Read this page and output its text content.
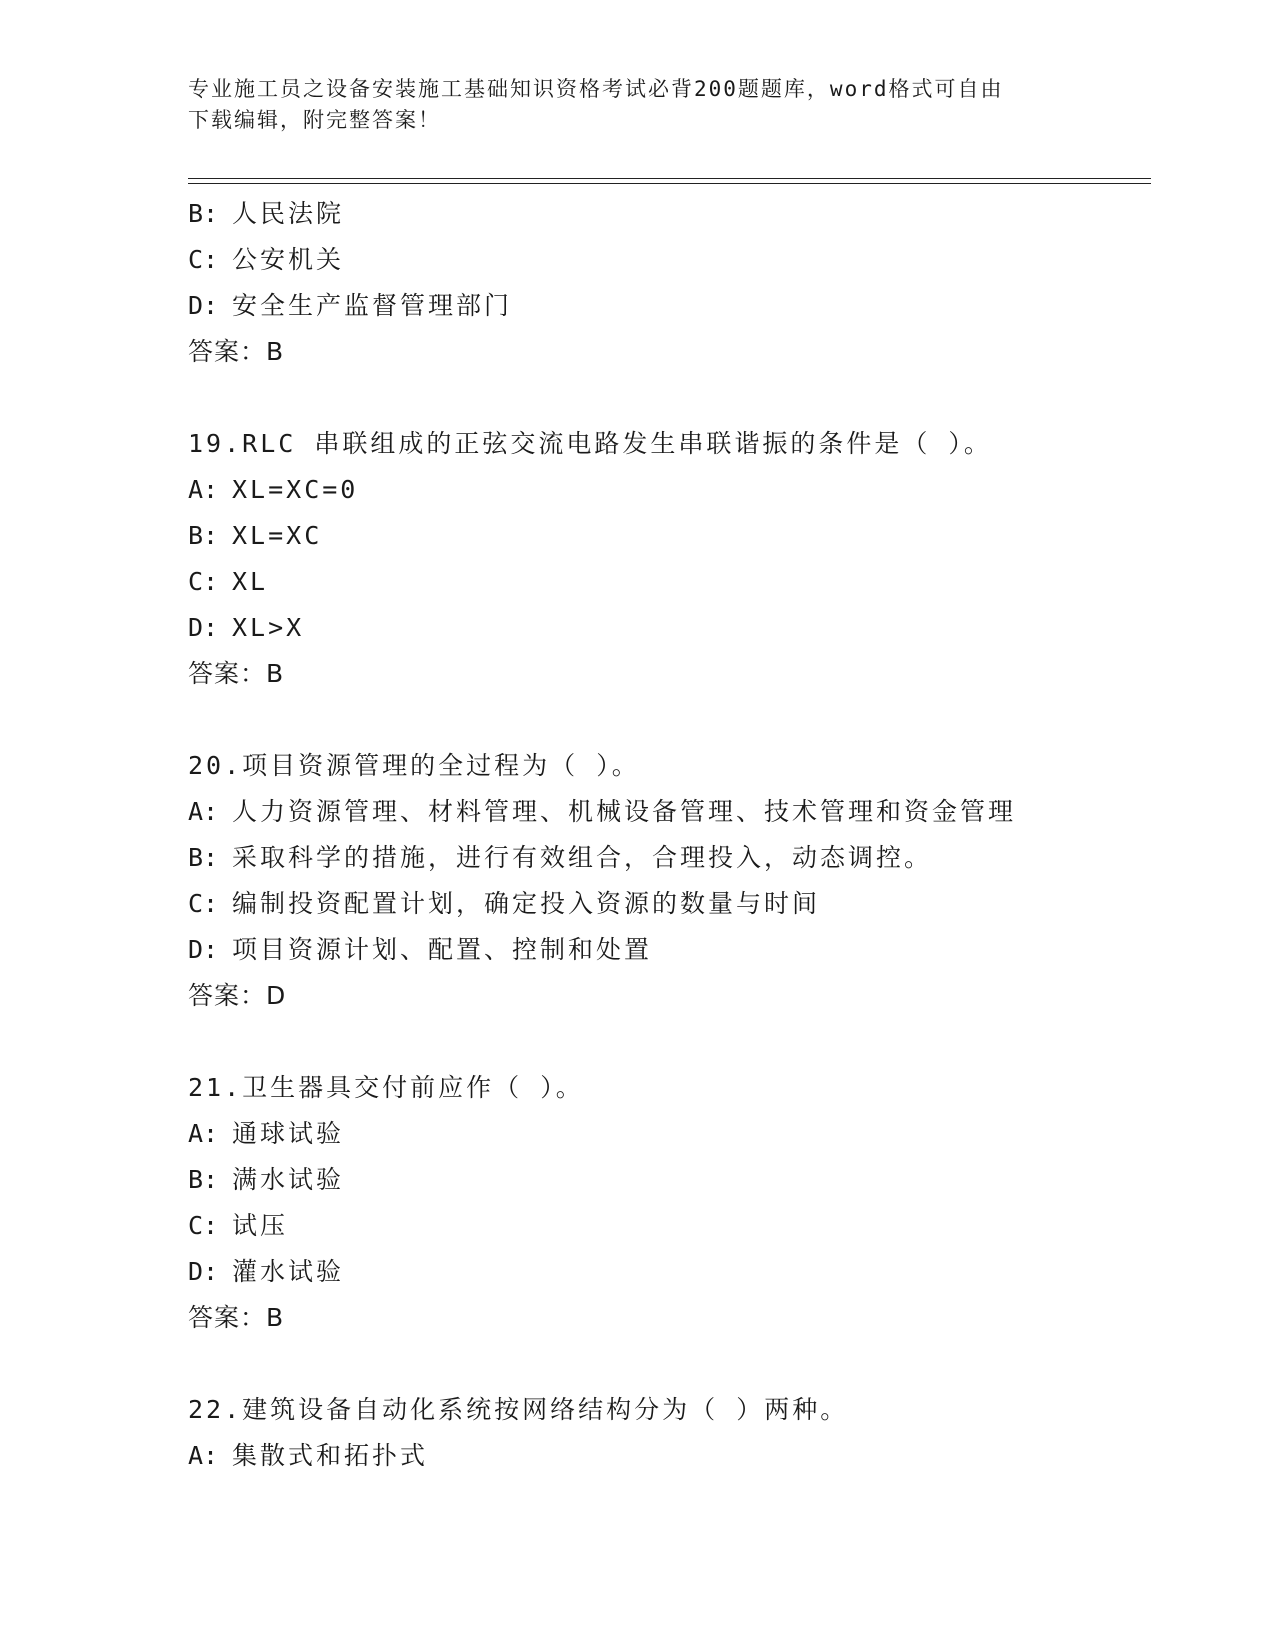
专业施工员之设备安装施工基础知识资格考试必背200题题库，word格式可自由
下载编辑，附完整答案！
B: 人民法院
C: 公安机关
D: 安全生产监督管理部门
答案：B
19.RLC 串联组成的正弦交流电路发生串联谐振的条件是（ ）。
A: XL=XC=0
B: XL=XC
C: XL
D: XL>X
答案：B
20.项目资源管理的全过程为（ ）。
A: 人力资源管理、材料管理、机械设备管理、技术管理和资金管理
B: 采取科学的措施，进行有效组合，合理投入，动态调控。
C: 编制投资配置计划，确定投入资源的数量与时间
D: 项目资源计划、配置、控制和处置
答案：D
21.卫生器具交付前应作（ ）。
A: 通球试验
B: 满水试验
C: 试压
D: 灌水试验
答案：B
22.建筑设备自动化系统按网络结构分为（ ）两种。
A: 集散式和拓扑式
